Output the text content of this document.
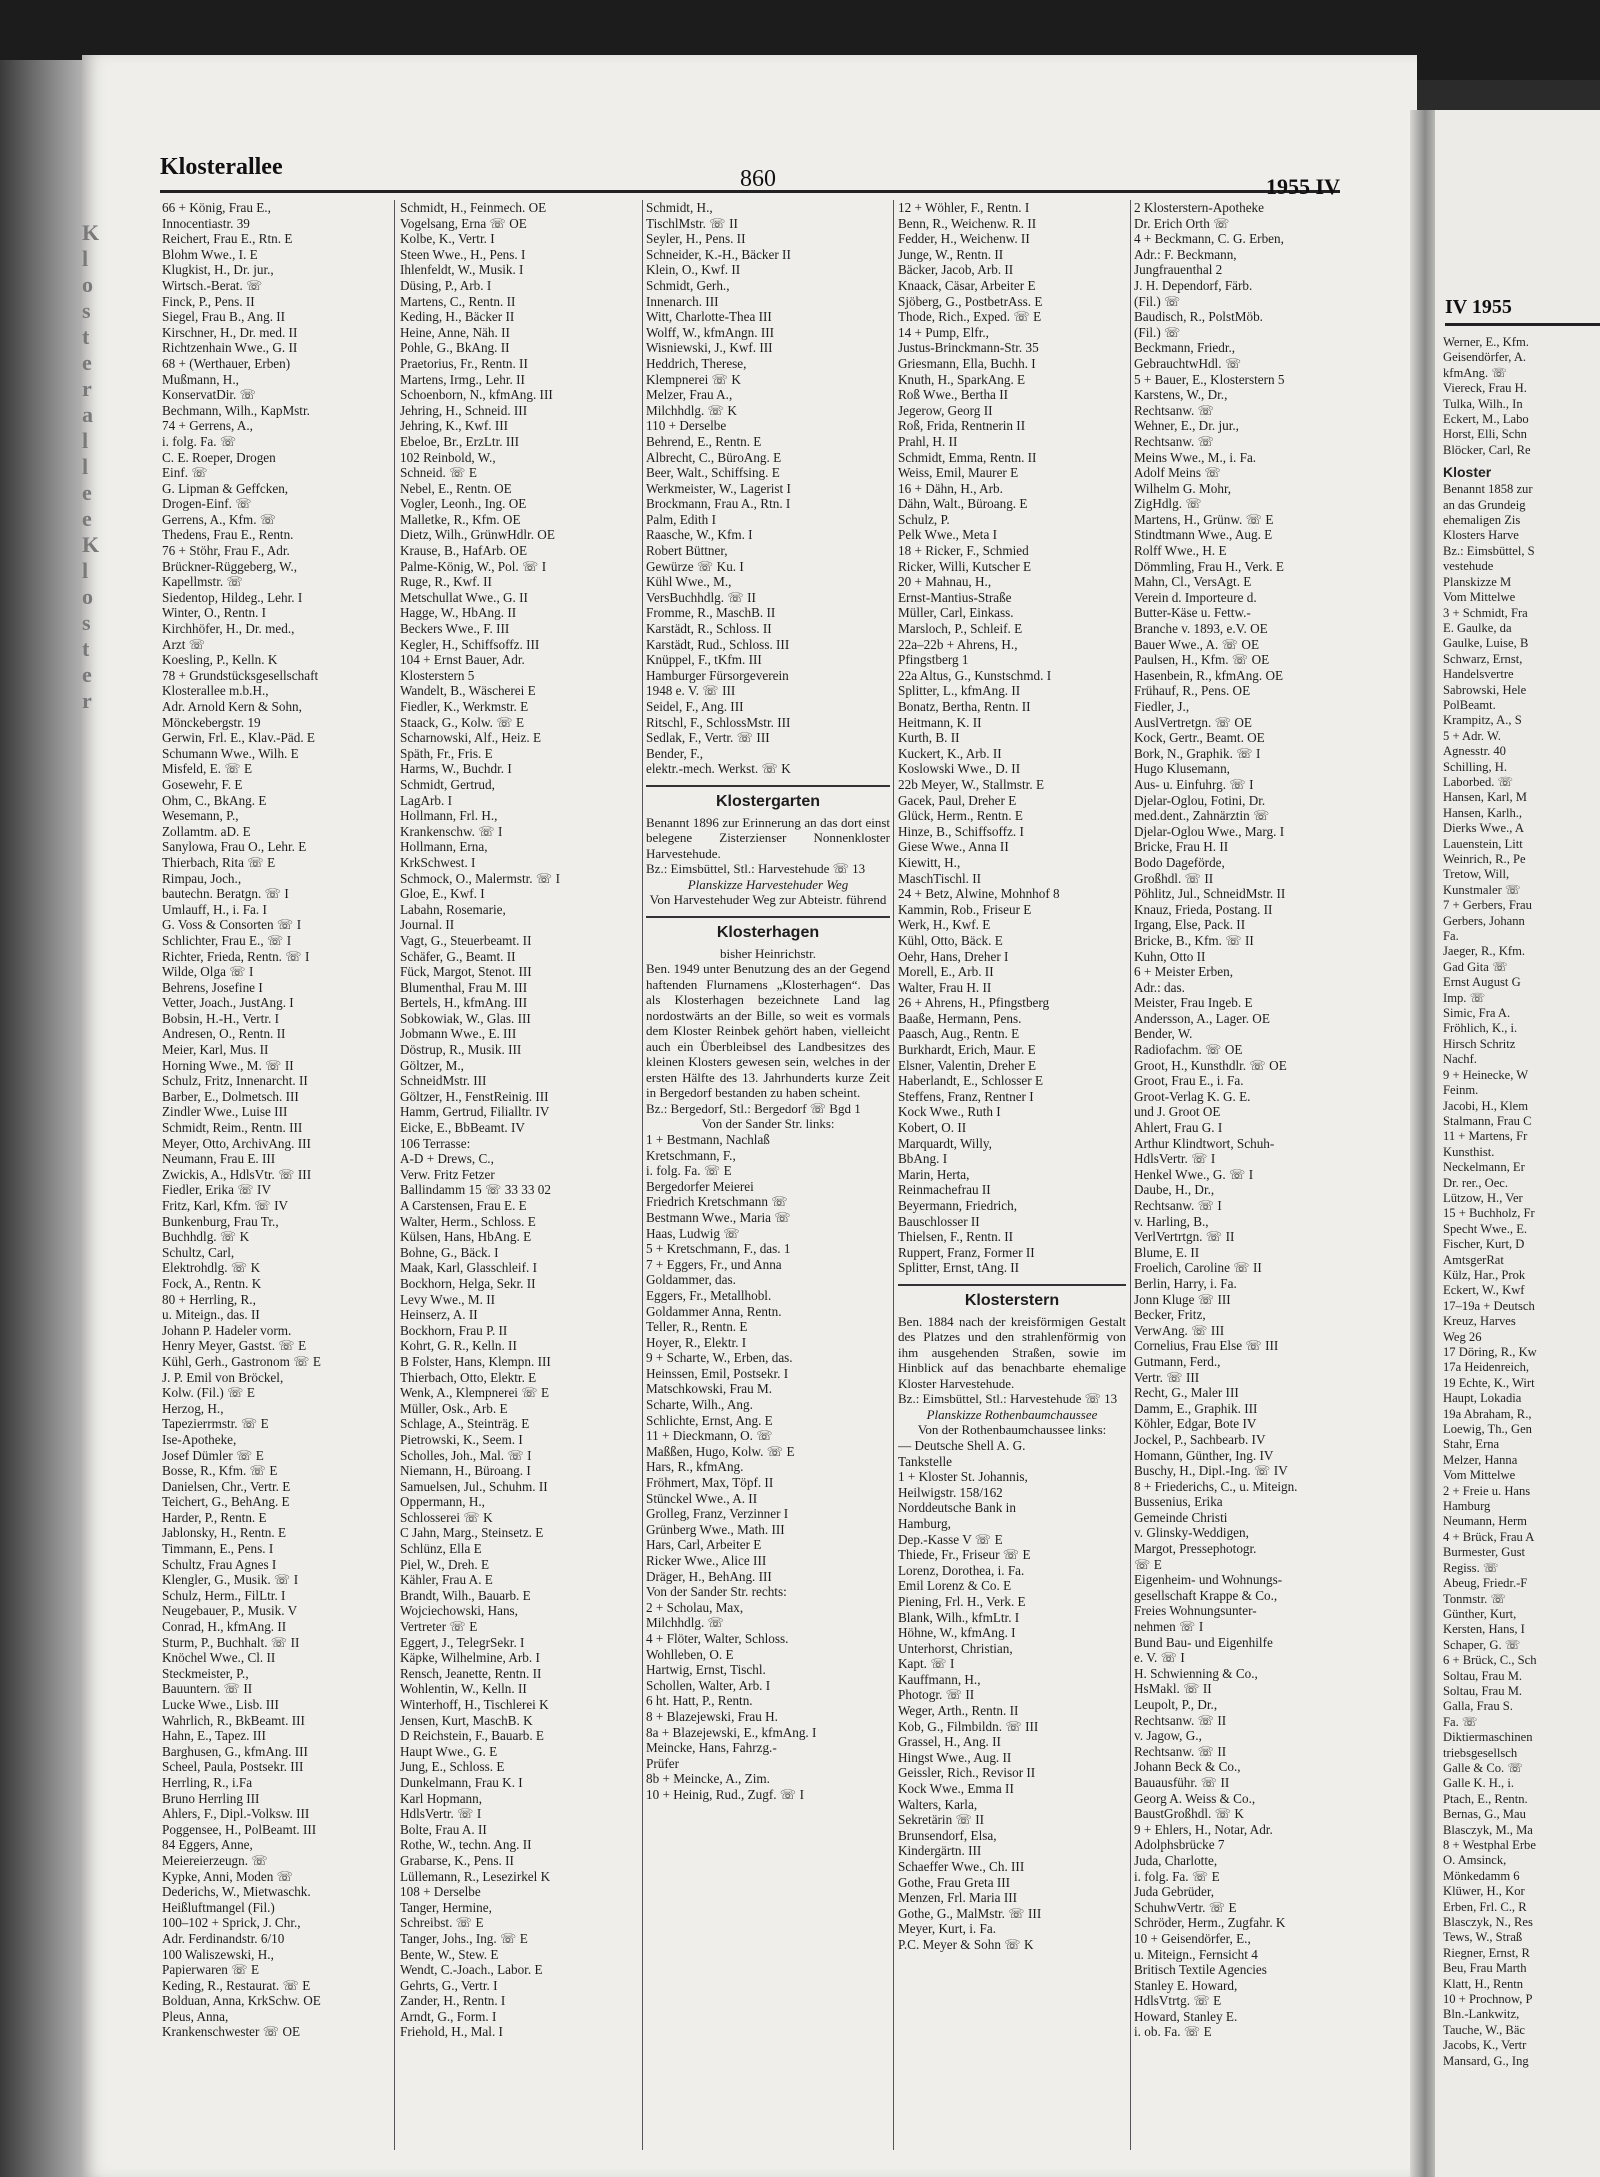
K
l
o
s
t
e
r
a
l
l
e
e
K
l
o
s
t
e
r
Klosterallee	860	1955 IV
66 + König, Frau E.,
Innocentiastr. 39
Reichert, Frau E., Rtn. E
Blohm Wwe., I. E
Klugkist, H., Dr. jur.,
Wirtsch.-Berat. ☏
Finck, P., Pens. II
Siegel, Frau B., Ang. II
Kirschner, H., Dr. med. II
Richtzenhain Wwe., G. II
68 + (Werthauer, Erben)
Mußmann, H.,
KonservatDir. ☏
Bechmann, Wilh., KapMstr.
74 + Gerrens, A.,
i. folg. Fa. ☏
C. E. Roeper, Drogen
Einf. ☏
G. Lipman & Geffcken,
Drogen-Einf. ☏
Gerrens, A., Kfm. ☏
Thedens, Frau E., Rentn.
76 + Stöhr, Frau F., Adr.
Brückner-Rüggeberg, W.,
Kapellmstr. ☏
Siedentop, Hildeg., Lehr. I
Winter, O., Rentn. I
Kirchhöfer, H., Dr. med.,
Arzt ☏
Koesling, P., Kelln. K
78 + Grundstücksgesellschaft
Klosterallee m.b.H.,
Adr. Arnold Kern & Sohn,
Mönckebergstr. 19
Gerwin, Frl. E., Klav.-Päd. E
Schumann Wwe., Wilh. E
Misfeld, E. ☏ E
Gosewehr, F. E
Ohm, C., BkAng. E
Wesemann, P.,
Zollamtm. aD. E
Sanylowa, Frau O., Lehr. E
Thierbach, Rita ☏ E
Rimpau, Joch.,
bautechn. Beratgn. ☏ I
Umlauff, H., i. Fa. I
G. Voss & Consorten ☏ I
Schlichter, Frau E., ☏ I
Richter, Frieda, Rentn. ☏ I
Wilde, Olga ☏ I
Behrens, Josefine I
Vetter, Joach., JustAng. I
Bobsin, H.-H., Vertr. I
Andresen, O., Rentn. II
Meier, Karl, Mus. II
Horning Wwe., M. ☏ II
Schulz, Fritz, Innenarcht. II
Barber, E., Dolmetsch. III
Zindler Wwe., Luise III
Schmidt, Reim., Rentn. III
Meyer, Otto, ArchivAng. III
Neumann, Frau E. III
Zwickis, A., HdlsVtr. ☏ III
Fiedler, Erika ☏ IV
Fritz, Karl, Kfm. ☏ IV
Bunkenburg, Frau Tr.,
Buchhdlg. ☏ K
Schultz, Carl,
Elektrohdlg. ☏ K
Fock, A., Rentn. K
80 + Herrling, R.,
u. Miteign., das. II
Johann P. Hadeler vorm.
Henry Meyer, Gastst. ☏ E
Kühl, Gerh., Gastronom ☏ E
J. P. Emil von Bröckel,
Kolw. (Fil.) ☏ E
Herzog, H.,
Tapezierrmstr. ☏ E
Ise-Apotheke,
Josef Dümler ☏ E
Bosse, R., Kfm. ☏ E
Danielsen, Chr., Vertr. E
Teichert, G., BehAng. E
Harder, P., Rentn. E
Jablonsky, H., Rentn. E
Timmann, E., Pens. I
Schultz, Frau Agnes I
Klengler, G., Musik. ☏ I
Schulz, Herm., FilLtr. I
Neugebauer, P., Musik. V
Conrad, H., kfmAng. II
Sturm, P., Buchhalt. ☏ II
Knöchel Wwe., Cl. II
Steckmeister, P.,
Bauuntern. ☏ II
Lucke Wwe., Lisb. III
Wahrlich, R., BkBeamt. III
Hahn, E., Tapez. III
Barghusen, G., kfmAng. III
Scheel, Paula, Postsekr. III
Herrling, R., i.Fa
Bruno Herrling III
Ahlers, F., Dipl.-Volksw. III
Poggensee, H., PolBeamt. III
84 Eggers, Anne,
Meiereierzeugn. ☏
Kypke, Anni, Moden ☏
Dederichs, W., Mietwaschk.
Heißluftmangel (Fil.)
100–102 + Sprick, J. Chr.,
Adr. Ferdinandstr. 6/10
100 Waliszewski, H.,
Papierwaren ☏ E
Keding, R., Restaurat. ☏ E
Bolduan, Anna, KrkSchw. OE
Pleus, Anna,
Krankenschwester ☏ OE
Schmidt, H., Feinmech. OE
Vogelsang, Erna ☏ OE
Kolbe, K., Vertr. I
Steen Wwe., H., Pens. I
Ihlenfeldt, W., Musik. I
Düsing, P., Arb. I
Martens, C., Rentn. II
Keding, H., Bäcker II
Heine, Anne, Näh. II
Pohle, G., BkAng. II
Praetorius, Fr., Rentn. II
Martens, Irmg., Lehr. II
Schoenborn, N., kfmAng. III
Jehring, H., Schneid. III
Jehring, K., Kwf. III
Ebeloe, Br., ErzLtr. III
102 Reinbold, W.,
Schneid. ☏ E
Nebel, E., Rentn. OE
Vogler, Leonh., Ing. OE
Malletke, R., Kfm. OE
Dietz, Wilh., GrünwHdlr. OE
Krause, B., HafArb. OE
Palme-König, W., Pol. ☏ I
Ruge, R., Kwf. II
Metschullat Wwe., G. II
Hagge, W., HbAng. II
Beckers Wwe., F. III
Kegler, H., Schiffsoffz. III
104 + Ernst Bauer, Adr.
Klosterstern 5
Wandelt, B., Wäscherei E
Fiedler, K., Werkmstr. E
Staack, G., Kolw. ☏ E
Scharnowski, Alf., Heiz. E
Späth, Fr., Fris. E
Harms, W., Buchdr. I
Schmidt, Gertrud,
LagArb. I
Hollmann, Frl. H.,
Krankenschw. ☏ I
Hollmann, Erna,
KrkSchwest. I
Schmock, O., Malermstr. ☏ I
Gloe, E., Kwf. I
Labahn, Rosemarie,
Journal. II
Vagt, G., Steuerbeamt. II
Schäfer, G., Beamt. II
Fück, Margot, Stenot. III
Blumenthal, Frau M. III
Bertels, H., kfmAng. III
Sobkowiak, W., Glas. III
Jobmann Wwe., E. III
Döstrup, R., Musik. III
Göltzer, M.,
SchneidMstr. III
Göltzer, H., FenstReinig. III
Hamm, Gertrud, Filialltr. IV
Eicke, E., BbBeamt. IV
106 Terrasse:
A-D + Drews, C.,
Verw. Fritz Fetzer
Ballindamm 15 ☏ 33 33 02
A Carstensen, Frau E. E
Walter, Herm., Schloss. E
Külsen, Hans, HbAng. E
Bohne, G., Bäck. I
Maak, Karl, Glasschleif. I
Bockhorn, Helga, Sekr. II
Levy Wwe., M. II
Heinserz, A. II
Bockhorn, Frau P. II
Kohrt, G. R., Kelln. II
B Folster, Hans, Klempn. III
Thierbach, Otto, Elektr. E
Wenk, A., Klempnerei ☏ E
Müller, Osk., Arb. E
Schlage, A., Steinträg. E
Pietrowski, K., Seem. I
Scholles, Joh., Mal. ☏ I
Niemann, H., Büroang. I
Samuelsen, Jul., Schuhm. II
Oppermann, H.,
Schlosserei ☏ K
C Jahn, Marg., Steinsetz. E
Schlünz, Ella E
Piel, W., Dreh. E
Kähler, Frau A. E
Brandt, Wilh., Bauarb. E
Wojciechowski, Hans,
Vertreter ☏ E
Eggert, J., TelegrSekr. I
Käpke, Wilhelmine, Arb. I
Rensch, Jeanette, Rentn. II
Wohlentin, W., Kelln. II
Winterhoff, H., Tischlerei K
Jensen, Kurt, MaschB. K
D Reichstein, F., Bauarb. E
Haupt Wwe., G. E
Jung, E., Schloss. E
Dunkelmann, Frau K. I
Karl Hopmann,
HdlsVertr. ☏ I
Bolte, Frau A. II
Rothe, W., techn. Ang. II
Grabarse, K., Pens. II
Lüllemann, R., Lesezirkel K
108 + Derselbe
Tanger, Hermine,
Schreibst. ☏ E
Tanger, Johs., Ing. ☏ E
Bente, W., Stew. E
Wendt, C.-Joach., Labor. E
Gehrts, G., Vertr. I
Zander, H., Rentn. I
Arndt, G., Form. I
Friehold, H., Mal. I
Schmidt, H.,
TischlMstr. ☏ II
Seyler, H., Pens. II
Schneider, K.-H., Bäcker II
Klein, O., Kwf. II
Schmidt, Gerh.,
Innenarch. III
Witt, Charlotte-Thea III
Wolff, W., kfmAngn. III
Wisniewski, J., Kwf. III
Heddrich, Therese,
Klempnerei ☏ K
Melzer, Frau A.,
Milchhdlg. ☏ K
110 + Derselbe
Behrend, E., Rentn. E
Albrecht, C., BüroAng. E
Beer, Walt., Schiffsing. E
Werkmeister, W., Lagerist I
Brockmann, Frau A., Rtn. I
Palm, Edith I
Raasche, W., Kfm. I
Robert Büttner,
Gewürze ☏ Ku. I
Kühl Wwe., M.,
VersBuchhdlg. ☏ II
Fromme, R., MaschB. II
Karstädt, R., Schloss. II
Karstädt, Rud., Schloss. III
Knüppel, F., tKfm. III
Hamburger Fürsorgeverein
1948 e. V. ☏ III
Seidel, F., Ang. III
Ritschl, F., SchlossMstr. III
Sedlak, F., Vertr. ☏ III
Bender, F.,
elektr.-mech. Werkst. ☏ K
Klostergarten
Benannt 1896 zur Erinnerung an das dort einst belegene Zisterzienser Nonnenkloster Harvestehude.
Bz.: Eimsbüttel, Stl.: Harvestehude ☏ 13
Planskizze Harvestehuder Weg
Von Harvestehuder Weg zur Abteistr. führend
Klosterhagen
bisher Heinrichstr.
Ben. 1949 unter Benutzung des an der Gegend haftenden Flurnamens „Klosterhagen“. Das als Klosterhagen bezeichnete Land lag nordostwärts an der Bille, so weit es vormals dem Kloster Reinbek gehört haben, vielleicht auch ein Überbleibsel des Landbesitzes des kleinen Klosters gewesen sein, welches in der ersten Hälfte des 13. Jahrhunderts kurze Zeit in Bergedorf bestanden zu haben scheint.
Bz.: Bergedorf, Stl.: Bergedorf ☏ Bgd 1
Von der Sander Str. links:
1 + Bestmann, Nachlaß
Kretschmann, F.,
i. folg. Fa. ☏ E
Bergedorfer Meierei
Friedrich Kretschmann ☏
Bestmann Wwe., Maria ☏
Haas, Ludwig ☏
5 + Kretschmann, F., das. 1
7 + Eggers, Fr., und Anna
Goldammer, das.
Eggers, Fr., Metallhobl.
Goldammer Anna, Rentn.
Teller, R., Rentn. E
Hoyer, R., Elektr. I
9 + Scharte, W., Erben, das.
Heinssen, Emil, Postsekr. I
Matschkowski, Frau M.
Scharte, Wilh., Ang.
Schlichte, Ernst, Ang. E
11 + Dieckmann, O. ☏
Maßßen, Hugo, Kolw. ☏ E
Hars, R., kfmAng.
Fröhmert, Max, Töpf. II
Stünckel Wwe., A. II
Grolleg, Franz, Verzinner I
Grünberg Wwe., Math. III
Hars, Carl, Arbeiter E
Ricker Wwe., Alice III
Dräger, H., BehAng. III
Von der Sander Str. rechts:
2 + Scholau, Max,
Milchhdlg. ☏
4 + Flöter, Walter, Schloss.
Wohlleben, O. E
Hartwig, Ernst, Tischl.
Schollen, Walter, Arb. I
6 ht. Hatt, P., Rentn.
8 + Blazejewski, Frau H.
8a + Blazejewski, E., kfmAng. I
Meincke, Hans, Fahrzg.-
Prüfer
8b + Meincke, A., Zim.
10 + Heinig, Rud., Zugf. ☏ I
12 + Wöhler, F., Rentn. I
Benn, R., Weichenw. R. II
Fedder, H., Weichenw. II
Junge, W., Rentn. II
Bäcker, Jacob, Arb. II
Knaack, Cäsar, Arbeiter E
Sjöberg, G., PostbetrAss. E
Thode, Rich., Exped. ☏ E
14 + Pump, Elfr.,
Justus-Brinckmann-Str. 35
Griesmann, Ella, Buchh. I
Knuth, H., SparkAng. E
Roß Wwe., Bertha II
Jegerow, Georg II
Roß, Frida, Rentnerin II
Prahl, H. II
Schmidt, Emma, Rentn. II
Weiss, Emil, Maurer E
16 + Dähn, H., Arb.
Dähn, Walt., Büroang. E
Schulz, P.
Pelk Wwe., Meta I
18 + Ricker, F., Schmied
Ricker, Willi, Kutscher E
20 + Mahnau, H.,
Ernst-Mantius-Straße
Müller, Carl, Einkass.
Marsloch, P., Schleif. E
22a–22b + Ahrens, H.,
Pfingstberg 1
22a Altus, G., Kunstschmd. I
Splitter, L., kfmAng. II
Bonatz, Bertha, Rentn. II
Heitmann, K. II
Kurth, B. II
Kuckert, K., Arb. II
Koslowski Wwe., D. II
22b Meyer, W., Stallmstr. E
Gacek, Paul, Dreher E
Glück, Herm., Rentn. E
Hinze, B., Schiffsoffz. I
Giese Wwe., Anna II
Kiewitt, H.,
MaschTischl. II
24 + Betz, Alwine, Mohnhof 8
Kammin, Rob., Friseur E
Werk, H., Kwf. E
Kühl, Otto, Bäck. E
Oehr, Hans, Dreher I
Morell, E., Arb. II
Walter, Frau H. II
26 + Ahrens, H., Pfingstberg
Baaße, Hermann, Pens.
Paasch, Aug., Rentn. E
Burkhardt, Erich, Maur. E
Elsner, Valentin, Dreher E
Haberlandt, E., Schlosser E
Steffens, Franz, Rentner I
Kock Wwe., Ruth I
Kobert, O. II
Marquardt, Willy,
BbAng. I
Marin, Herta,
Reinmachefrau II
Beyermann, Friedrich,
Bauschlosser II
Thielsen, F., Rentn. II
Ruppert, Franz, Former II
Splitter, Ernst, tAng. II
Klosterstern
Ben. 1884 nach der kreisförmigen Gestalt des Platzes und den strahlenförmig von ihm ausgehenden Straßen, sowie im Hinblick auf das benachbarte ehemalige Kloster Harvestehude.
Bz.: Eimsbüttel, Stl.: Harvestehude ☏ 13
Planskizze Rothenbaumchaussee
Von der Rothenbaumchaussee links:
— Deutsche Shell A. G.
Tankstelle
1 + Kloster St. Johannis,
Heilwigstr. 158/162
Norddeutsche Bank in
Hamburg,
Dep.-Kasse V ☏ E
Thiede, Fr., Friseur ☏ E
Lorenz, Dorothea, i. Fa.
Emil Lorenz & Co. E
Piening, Frl. H., Verk. E
Blank, Wilh., kfmLtr. I
Höhne, W., kfmAng. I
Unterhorst, Christian,
Kapt. ☏ I
Kauffmann, H.,
Photogr. ☏ II
Weger, Arth., Rentn. II
Kob, G., Filmbildn. ☏ III
Grassel, H., Ang. II
Hingst Wwe., Aug. II
Geissler, Rich., Revisor II
Kock Wwe., Emma II
Walters, Karla,
Sekretärin ☏ II
Brunsendorf, Elsa,
Kindergärtn. III
Schaeffer Wwe., Ch. III
Gothe, Frau Greta III
Menzen, Frl. Maria III
Gothe, G., MalMstr. ☏ III
Meyer, Kurt, i. Fa.
P.C. Meyer & Sohn ☏ K
2 Klosterstern-Apotheke
Dr. Erich Orth ☏
4 + Beckmann, C. G. Erben,
Adr.: F. Beckmann,
Jungfrauenthal 2
J. H. Dependorf, Färb.
(Fil.) ☏
Baudisch, R., PolstMöb.
(Fil.) ☏
Beckmann, Friedr.,
GebrauchtwHdl. ☏
5 + Bauer, E., Klosterstern 5
Karstens, W., Dr.,
Rechtsanw. ☏
Wehner, E., Dr. jur.,
Rechtsanw. ☏
Meins Wwe., M., i. Fa.
Adolf Meins ☏
Wilhelm G. Mohr,
ZigHdlg. ☏
Martens, H., Grünw. ☏ E
Stindtmann Wwe., Aug. E
Rolff Wwe., H. E
Dömmling, Frau H., Verk. E
Mahn, Cl., VersAgt. E
Verein d. Importeure d.
Butter-Käse u. Fettw.-
Branche v. 1893, e.V. OE
Bauer Wwe., A. ☏ OE
Paulsen, H., Kfm. ☏ OE
Hasenbein, R., kfmAng. OE
Frühauf, R., Pens. OE
Fiedler, J.,
AuslVertretgn. ☏ OE
Kock, Gertr., Beamt. OE
Bork, N., Graphik. ☏ I
Hugo Klusemann,
Aus- u. Einfuhrg. ☏ I
Djelar-Oglou, Fotini, Dr.
med.dent., Zahnärztin ☏
Djelar-Oglou Wwe., Marg. I
Bricke, Frau H. II
Bodo Dageförde,
Großhdl. ☏ II
Pöhlitz, Jul., SchneidMstr. II
Knauz, Frieda, Postang. II
Irgang, Else, Pack. II
Bricke, B., Kfm. ☏ II
Kuhn, Otto II
6 + Meister Erben,
Adr.: das.
Meister, Frau Ingeb. E
Andersson, A., Lager. OE
Bender, W.
Radiofachm. ☏ OE
Groot, H., Kunsthdlr. ☏ OE
Groot, Frau E., i. Fa.
Groot-Verlag K. G. E.
und J. Groot OE
Ahlert, Frau G. I
Arthur Klindtwort, Schuh-
HdlsVertr. ☏ I
Henkel Wwe., G. ☏ I
Daube, H., Dr.,
Rechtsanw. ☏ I
v. Harling, B.,
VerlVertrtgn. ☏ II
Blume, E. II
Froelich, Caroline ☏ II
Berlin, Harry, i. Fa.
Jonn Kluge ☏ III
Becker, Fritz,
VerwAng. ☏ III
Cornelius, Frau Else ☏ III
Gutmann, Ferd.,
Vertr. ☏ III
Recht, G., Maler III
Damm, E., Graphik. III
Köhler, Edgar, Bote IV
Jockel, P., Sachbearb. IV
Homann, Günther, Ing. IV
Buschy, H., Dipl.-Ing. ☏ IV
8 + Friederichs, C., u. Miteign.
Bussenius, Erika
Gemeinde Christi
v. Glinsky-Weddigen,
Margot, Pressephotogr.
☏ E
Eigenheim- und Wohnungs-
gesellschaft Krappe & Co.,
Freies Wohnungsunter-
nehmen ☏ I
Bund Bau- und Eigenhilfe
e. V. ☏ I
H. Schwienning & Co.,
HsMakl. ☏ II
Leupolt, P., Dr.,
Rechtsanw. ☏ II
v. Jagow, G.,
Rechtsanw. ☏ II
Johann Beck & Co.,
Bauausführ. ☏ II
Georg A. Weiss & Co.,
BaustGroßhdl. ☏ K
9 + Ehlers, H., Notar, Adr.
Adolphsbrücke 7
Juda, Charlotte,
i. folg. Fa. ☏ E
Juda Gebrüder,
SchuhwVertr. ☏ E
Schröder, Herm., Zugfahr. K
10 + Geisendörfer, E.,
u. Miteign., Fernsicht 4
Britisch Textile Agencies
Stanley E. Howard,
HdlsVtrtg. ☏ E
Howard, Stanley E.
i. ob. Fa. ☏ E
IV 1955
Werner, E., Kfm.
Geisendörfer, A.
kfmAng. ☏
Viereck, Frau H.
Tulka, Wilh., In
Eckert, M., Labo
Horst, Elli, Schn
Blöcker, Carl, Re
Kloster
Benannt 1858 zur
an das Grundeig
ehemaligen Zis
Klosters Harve
Bz.: Eimsbüttel, S
vestehude
Planskizze M
Vom Mittelwe
3 + Schmidt, Fra
E. Gaulke, da
Gaulke, Luise, B
Schwarz, Ernst,
Handelsvertre
Sabrowski, Hele
PolBeamt.
Krampitz, A., S
5 + Adr. W.
Agnesstr. 40
Schilling, H.
Laborbed. ☏
Hansen, Karl, M
Hansen, Karlh.,
Dierks Wwe., A
Lauenstein, Litt
Weinrich, R., Pe
Tretow, Will,
Kunstmaler ☏
7 + Gerbers, Frau
Gerbers, Johann
Fa.
Jaeger, R., Kfm.
Gad Gita ☏
Ernst August G
Imp. ☏
Simic, Fra A.
Fröhlich, K., i.
Hirsch Schritz
Nachf.
9 + Heinecke, W
Feinm.
Jacobi, H., Klem
Stalmann, Frau C
11 + Martens, Fr
Kunsthist.
Neckelmann, Er
Dr. rer., Oec.
Lützow, H., Ver
15 + Buchholz, Fr
Specht Wwe., E.
Fischer, Kurt, D
AmtsgerRat
Külz, Har., Prok
Eckert, W., Kwf
17–19a + Deutsch
Kreuz, Harves
Weg 26
17 Döring, R., Kw
17a Heidenreich,
19 Echte, K., Wirt
Haupt, Lokadia
19a Abraham, R.,
Loewig, Th., Gen
Stahr, Erna
Melzer, Hanna
Vom Mittelwe
2 + Freie u. Hans
Hamburg
Neumann, Herm
4 + Brück, Frau A
Burmester, Gust
Regiss. ☏
Abeug, Friedr.-F
Tonmstr. ☏
Günther, Kurt,
Kersten, Hans, I
Schaper, G. ☏
6 + Brück, C., Sch
Soltau, Frau M.
Soltau, Frau M.
Galla, Frau S.
Fa. ☏
Diktiermaschinen
triebsgesellsch
Galle & Co. ☏
Galle K. H., i.
Ptach, E., Rentn.
Bernas, G., Mau
Blasczyk, M., Ma
8 + Westphal Erbe
O. Amsinck,
Mönkedamm 6
Klüwer, H., Kor
Erben, Frl. C., R
Blasczyk, N., Res
Tews, W., Straß
Riegner, Ernst, R
Beu, Frau Marth
Klatt, H., Rentn
10 + Prochnow, P
Bln.-Lankwitz,
Tauche, W., Bäc
Jacobs, K., Vertr
Mansard, G., Ing
